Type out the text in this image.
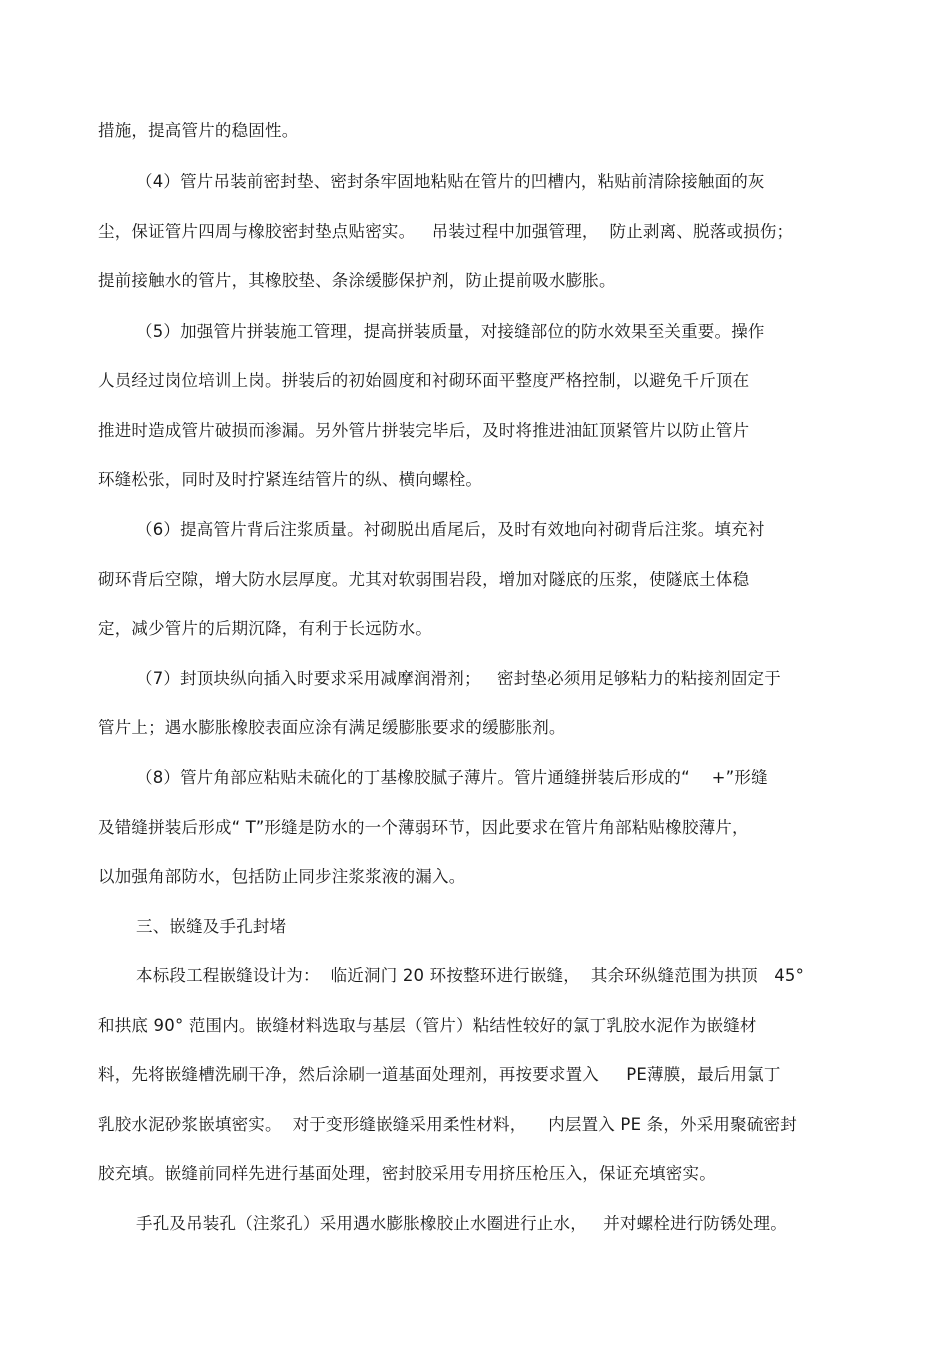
措施，提高管片的稳固性。
（4）管片吊装前密封垫、密封条牢固地粘贴在管片的凹槽内，粘贴前清除接触面的灰
尘，保证管片四周与橡胶密封垫点贴密实。   吊装过程中加强管理，  防止剥离、脱落或损伤；
提前接触水的管片，其橡胶垫、条涂缓膨保护剂，防止提前吸水膨胀。
（5）加强管片拼装施工管理，提高拼装质量，对接缝部位的防水效果至关重要。操作
人员经过岗位培训上岗。拼装后的初始圆度和衬砌环面平整度严格控制，以避免千斤顶在
推进时造成管片破损而渗漏。另外管片拼装完毕后，及时将推进油缸顶紧管片以防止管片
环缝松张，同时及时拧紧连结管片的纵、横向螺栓。
（6）提高管片背后注浆质量。衬砌脱出盾尾后，及时有效地向衬砌背后注浆。填充衬
砌环背后空隙，增大防水层厚度。尤其对软弱围岩段，增加对隧底的压浆，使隧底土体稳
定，减少管片的后期沉降，有利于长远防水。
（7）封顶块纵向插入时要求采用减摩润滑剂；   密封垫必须用足够粘力的粘接剂固定于
管片上；遇水膨胀橡胶表面应涂有满足缓膨胀要求的缓膨胀剂。
（8）管片角部应粘贴未硫化的丁基橡胶腻子薄片。管片通缝拼装后形成的“    +”形缝
及错缝拼装后形成“ T”形缝是防水的一个薄弱环节，因此要求在管片角部粘贴橡胶薄片，
以加强角部防水，包括防止同步注浆浆液的漏入。
三、嵌缝及手孔封堵
本标段工程嵌缝设计为：  临近洞门 20 环按整环进行嵌缝，  其余环纵缝范围为拱顶   45°
和拱底 90° 范围内。嵌缝材料选取与基层（管片）粘结性较好的氯丁乳胶水泥作为嵌缝材
料，先将嵌缝槽洗刷干净，然后涂刷一道基面处理剂，再按要求置入     PE薄膜，最后用氯丁
乳胶水泥砂浆嵌填密实。  对于变形缝嵌缝采用柔性材料，    内层置入 PE 条，外采用聚硫密封
胶充填。嵌缝前同样先进行基面处理，密封胶采用专用挤压枪压入，保证充填密实。
手孔及吊装孔（注浆孔）采用遇水膨胀橡胶止水圈进行止水，   并对螺栓进行防锈处理。
